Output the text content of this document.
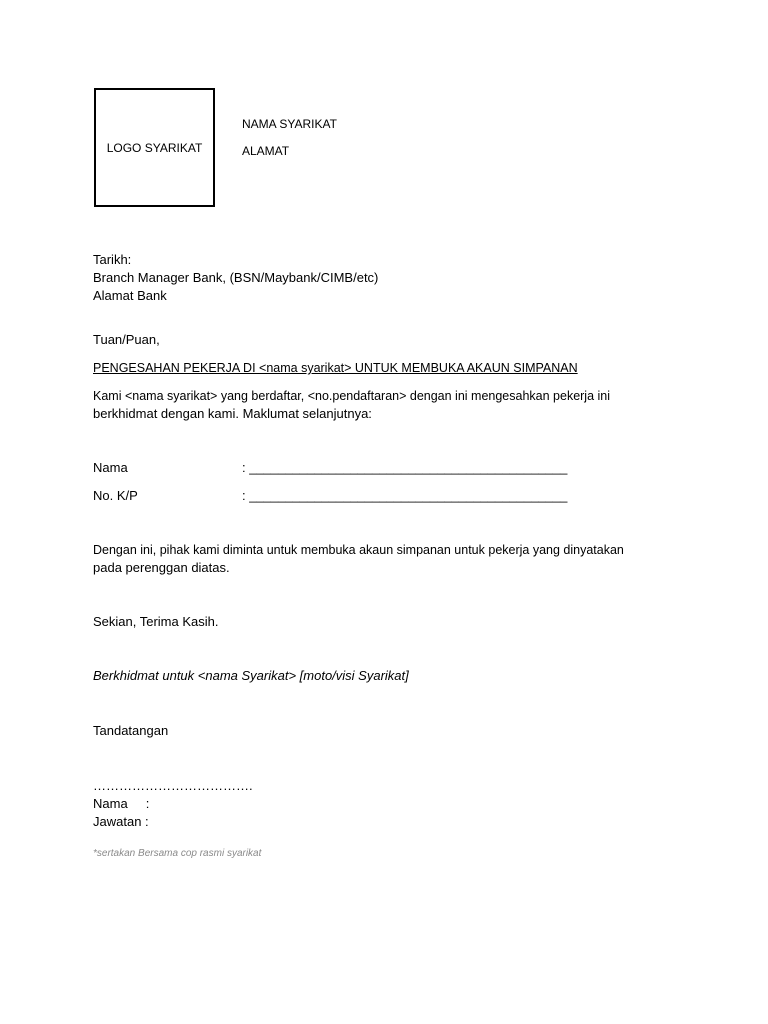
LOGO SYARIKAT
NAMA SYARIKAT
ALAMAT
Tarikh:
Branch Manager Bank, (BSN/Maybank/CIMB/etc)
Alamat Bank
Tuan/Puan,
PENGESAHAN PEKERJA DI <nama syarikat> UNTUK MEMBUKA AKAUN SIMPANAN
Kami <nama syarikat> yang berdaftar, <no.pendaftaran> dengan ini mengesahkan pekerja ini
berkhidmat dengan kami. Maklumat selanjutnya:
Nama	: ____________________________________________
No. K/P	: ____________________________________________
Dengan ini, pihak kami diminta untuk membuka akaun simpanan untuk pekerja yang dinyatakan
pada perenggan diatas.
Sekian, Terima Kasih.
Berkhidmat untuk <nama Syarikat> [moto/visi Syarikat]
Tandatangan
……………………………….
Nama     :
Jawatan :
*sertakan Bersama cop rasmi syarikat
